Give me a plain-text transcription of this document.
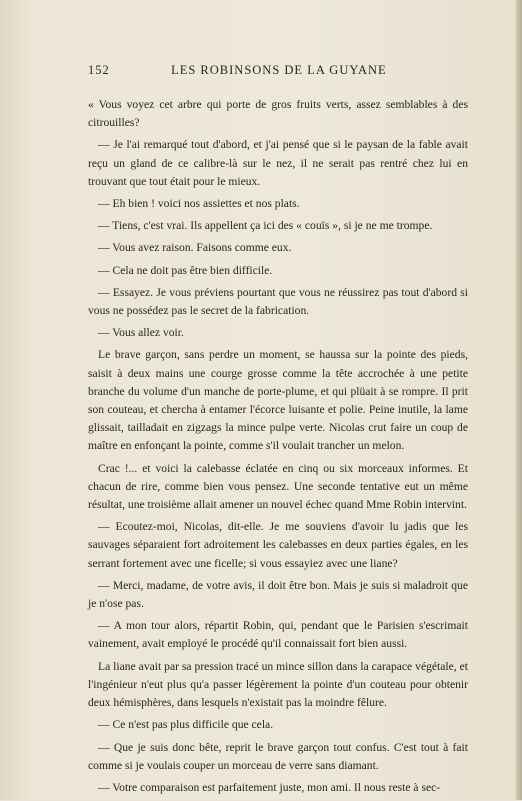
152	LES ROBINSONS DE LA GUYANE

« Vous voyez cet arbre qui porte de gros fruits verts, assez semblables à des citrouilles?

— Je l'ai remarqué tout d'abord, et j'ai pensé que si le paysan de la fable avait reçu un gland de ce calibre-là sur le nez, il ne serait pas rentré chez lui en trouvant que tout était pour le mieux.

— Eh bien ! voici nos assiettes et nos plats.

— Tiens, c'est vrai. Ils appellent ça ici des « couïs », si je ne me trompe.

— Vous avez raison. Faisons comme eux.

— Cela ne doit pas être bien difficile.

— Essayez. Je vous préviens pourtant que vous ne réussirez pas tout d'abord si vous ne possédez pas le secret de la fabrication.

— Vous allez voir.

Le brave garçon, sans perdre un moment, se haussa sur la pointe des pieds, saisit à deux mains une courge grosse comme la tête accrochée à une petite branche du volume d'un manche de porte-plume, et qui plüait à se rompre. Il prit son couteau, et chercha à entamer l'écorce luisante et polie. Peine inutile, la lame glissait, tailladait en zigzags la mince pulpe verte. Nicolas crut faire un coup de maître en enfonçant la pointe, comme s'il voulait trancher un melon.

Crac !... et voici la calebasse éclatée en cinq ou six morceaux informes. Et chacun de rire, comme bien vous pensez. Une seconde tentative eut un même résultat, une troisième allait amener un nouvel échec quand Mme Robin intervint.

— Ecoutez-moi, Nicolas, dit-elle. Je me souviens d'avoir lu jadis que les sauvages séparaient fort adroitement les calebasses en deux parties égales, en les serrant fortement avec une ficelle; si vous essayiez avec une liane?

— Merci, madame, de votre avis, il doit être bon. Mais je suis si maladroit que je n'ose pas.

— A mon tour alors, répartit Robin, qui, pendant que le Parisien s'escrimait vainement, avait employé le procédé qu'il connaissait fort bien aussi.

La liane avait par sa pression tracé un mince sillon dans la carapace végétale, et l'ingénieur n'eut plus qu'a passer légèrement la pointe d'un couteau pour obtenir deux hémisphères, dans lesquels n'existait pas la moindre fêlure.

— Ce n'est pas plus difficile que cela.

— Que je suis donc bête, reprit le brave garçon tout confus. C'est tout à fait comme si je voulais couper un morceau de verre sans diamant.

— Votre comparaison est parfaitement juste, mon ami. Il nous reste à sec-
